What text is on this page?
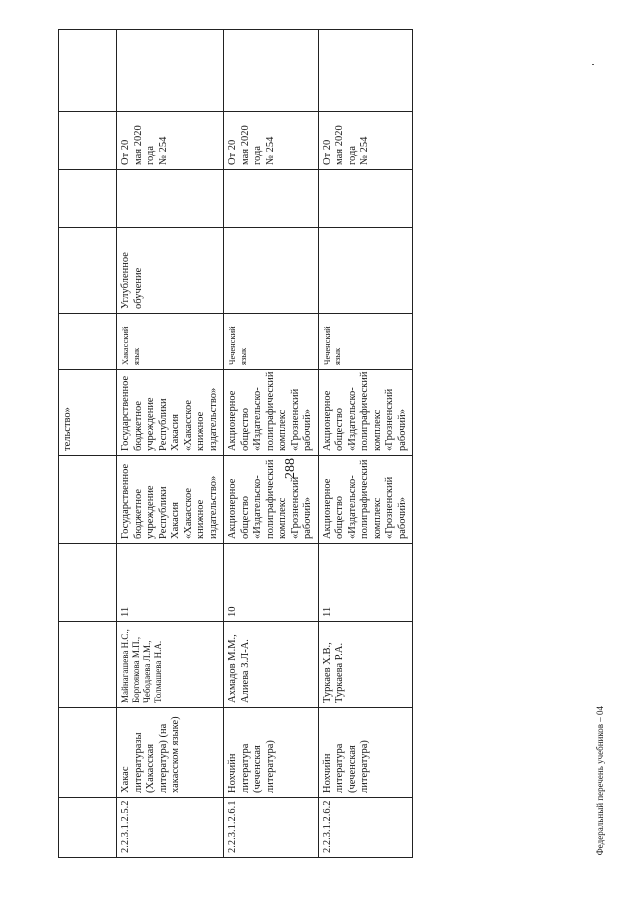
288
Федеральный перечень учебников – 04
					тельство»					
2.2.3.1.2.5.2	Хакас литературазы (Хакасская литература) (на хакасском языке)	Майнагашева Н.С., Боргоякова М.П., Чебодаева Л.М., Толмашева Н.А.	11	Государственное бюджетное учреждение Республики Хакасия «Хакасское книжное издательство»	Государственное бюджетное учреждение Республики Хакасия «Хакасское книжное издательство»	Хакасский язык	Углубленное обучение		От 20 мая 2020 года № 254	

2.2.3.1.2.6.1	Нохчийн литература (чеченская литература)	Ахмадов М.М., Алиева З.Л-А.	10	Акционерное общество «Издательско-полиграфический комплекс «Грозненский рабочий»	Акционерное общество «Издательско-полиграфический комплекс «Грозненский рабочий»	Чеченский язык			От 20 мая 2020 года № 254	

2.2.3.1.2.6.2	Нохчийн литература (чеченская литература)	Туркаев Х.В., Туркаева Р.А.	11	Акционерное общество «Издательско-полиграфический комплекс «Грозненский рабочий»	Акционерное общество «Издательско-полиграфический комплекс «Грозненский рабочий»	Чеченский язык			От 20 мая 2020 года № 254	
